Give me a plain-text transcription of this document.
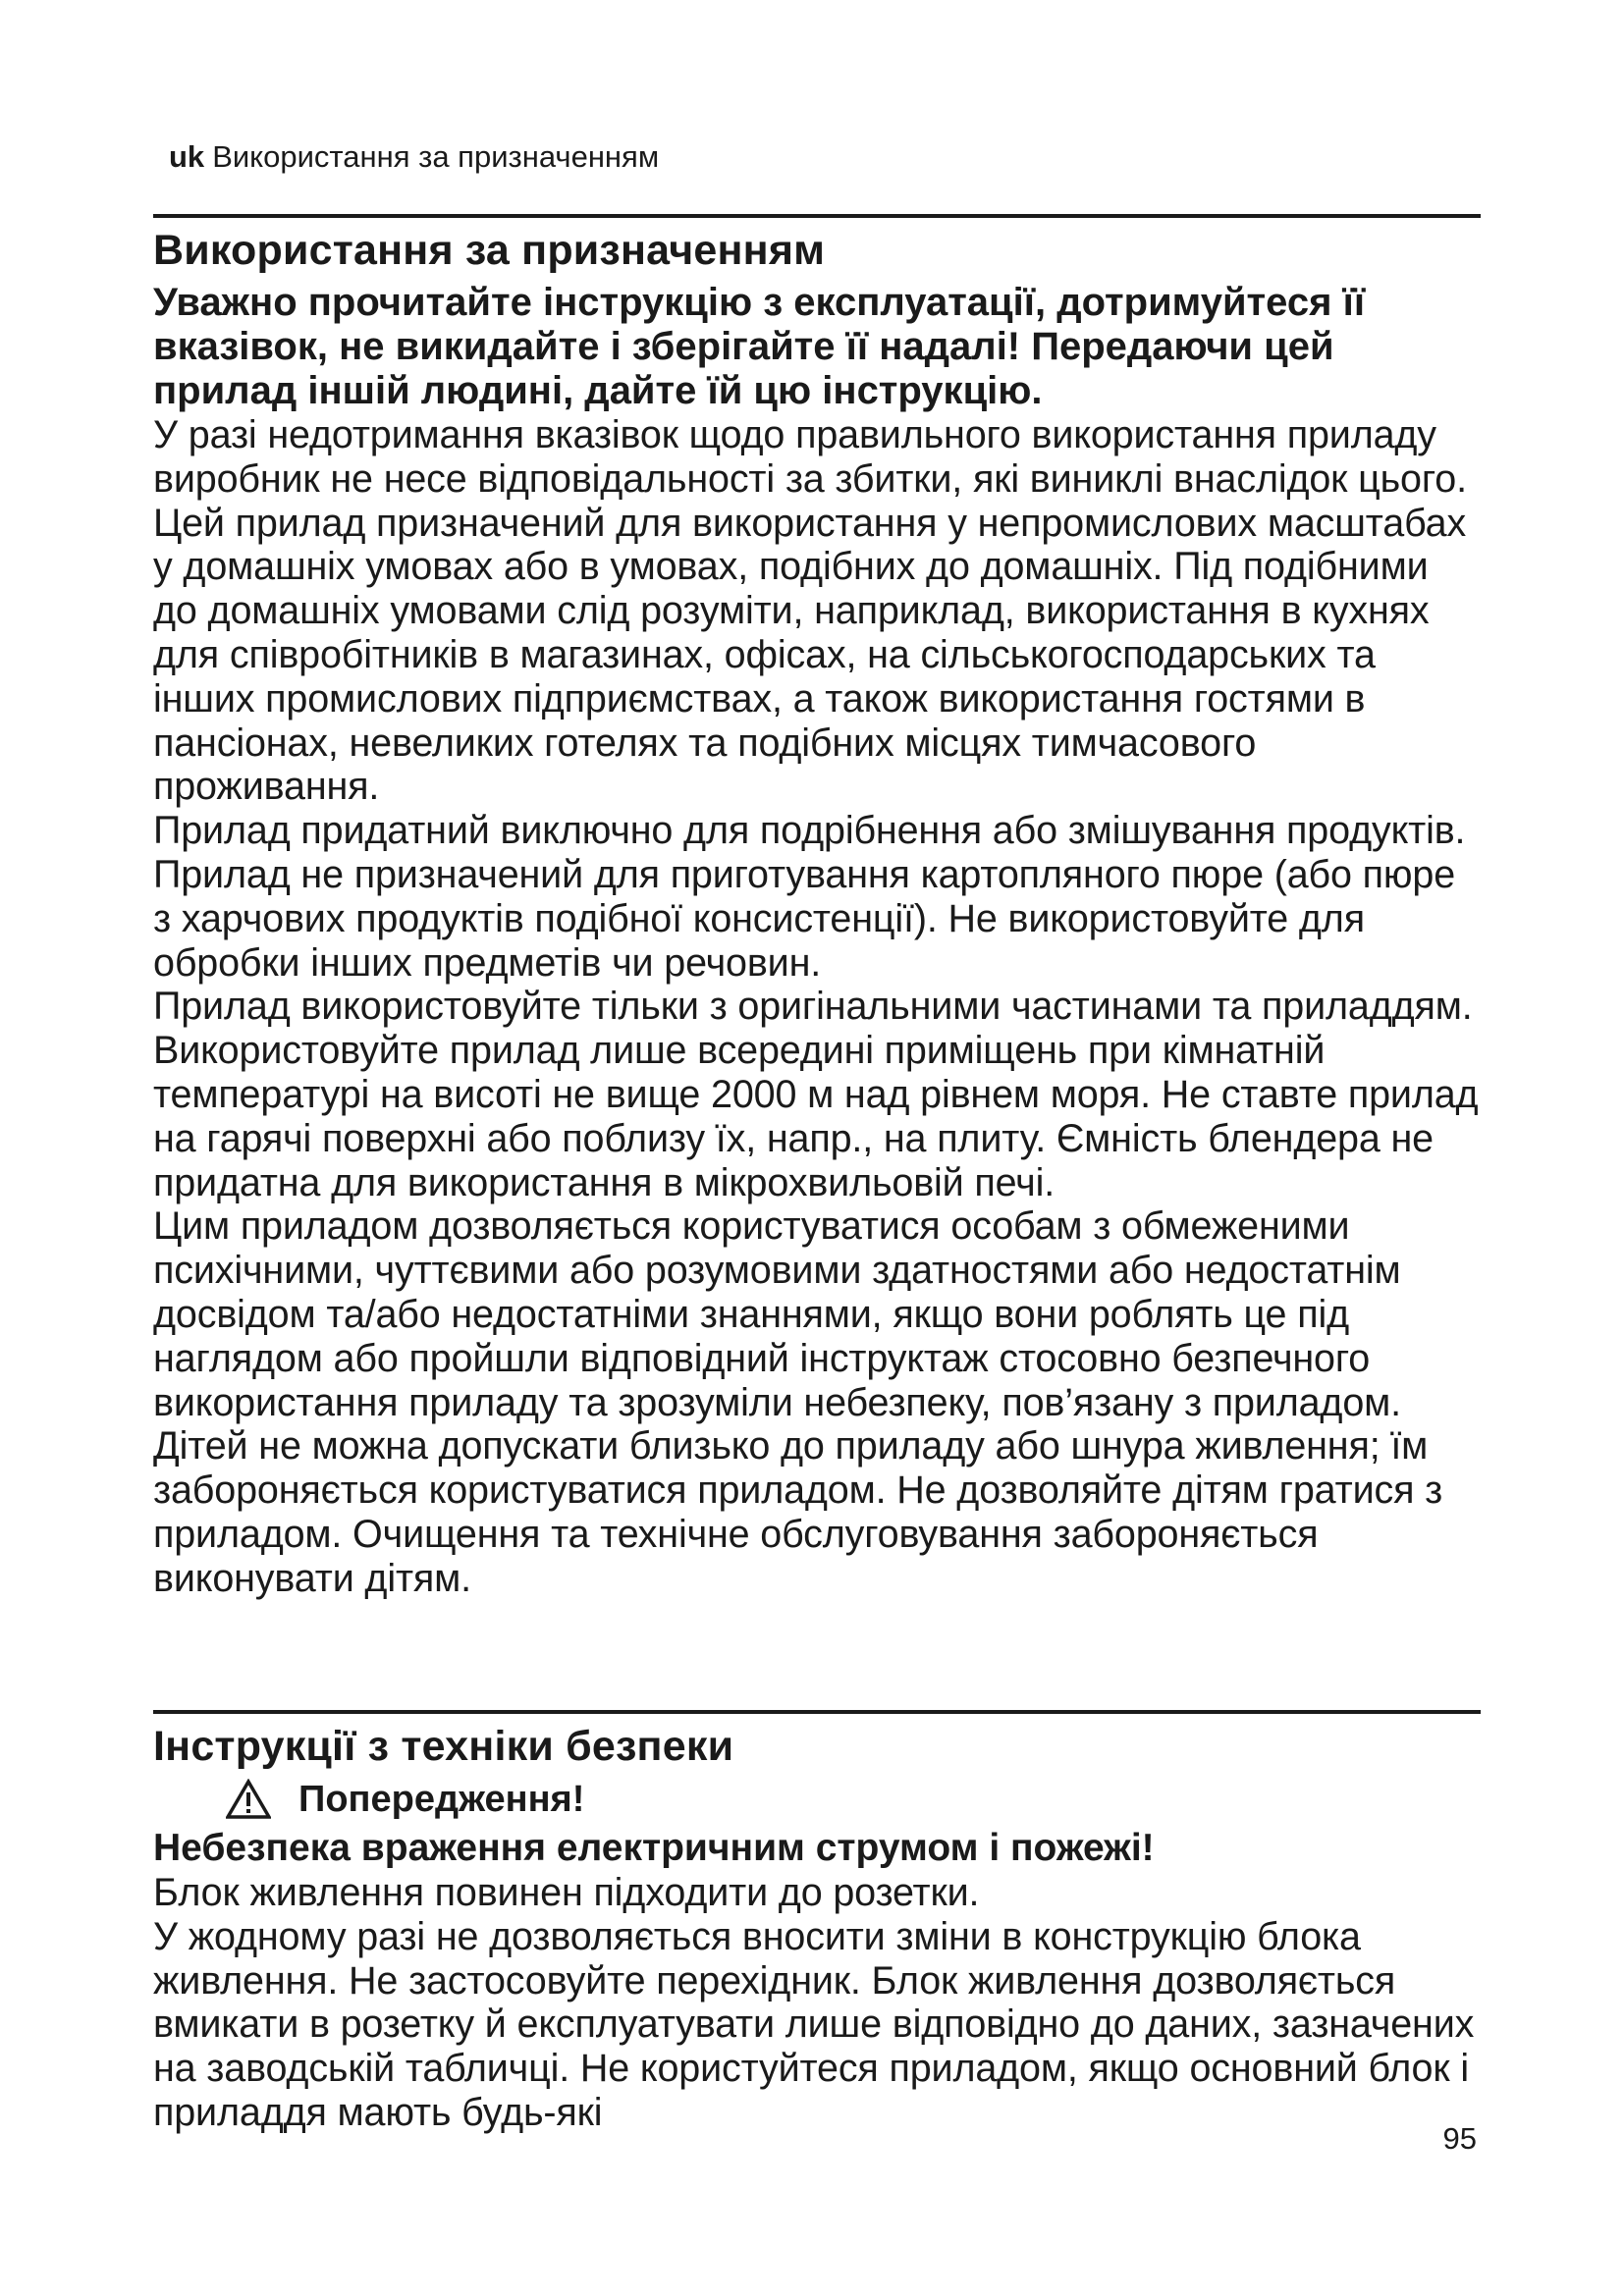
uk Використання за призначенням
Використання за призначенням

Уважно прочитайте інструкцію з експлуатації, дотримуйтеся її вказівок, не викидайте і зберігайте її надалі! Передаючи цей прилад іншій людині, дайте їй цю інструкцію.

У разі недотримання вказівок щодо правильного використання приладу виробник не несе відповідальності за збитки, які виниклі внаслідок цього.

Цей прилад призначений для використання у непромислових масштабах у домашніх умовах або в умовах, подібних до домашніх. Під подібними до домашніх умовами слід розуміти, наприклад, використання в кухнях для співробітників в магазинах, офісах, на сільськогосподарських та інших промислових підприємствах, а також використання гостями в пансіонах, невеликих готелях та подібних місцях тимчасового проживання.

Прилад придатний виключно для подрібнення або змішування продуктів. Прилад не призначений для приготування картопляного пюре (або пюре з харчових продуктів подібної консистенції). Не використовуйте для обробки інших предметів чи речовин.

Прилад використовуйте тільки з оригінальними частинами та приладдям.

Використовуйте прилад лише всередині приміщень при кімнатній температурі на висоті не вище 2000 м над рівнем моря. Не ставте прилад на гарячі поверхні або поблизу їх, напр., на плиту. Ємність блендера не придатна для використання в мікрохвильовій печі.

Цим приладом дозволяється користуватися особам з обмеженими психічними, чуттєвими або розумовими здатностями або недостатнім досвідом та/або недостатніми знаннями, якщо вони роблять це під наглядом або пройшли відповідний інструктаж стосовно безпечного використання приладу та зрозуміли небезпеку, пов’язану з приладом. Дітей не можна допускати близько до приладу або шнура живлення; їм забороняється користуватися приладом. Не дозволяйте дітям гратися з приладом. Очищення та технічне обслуговування забороняється виконувати дітям.

Інструкції з техніки безпеки
Попередження!

Небезпека враження електричним струмом і пожежі!

Блок живлення повинен підходити до розетки.

У жодному разі не дозволяється вносити зміни в конструкцію блока живлення. Не застосовуйте перехідник. Блок живлення дозволяється вмикати в розетку й експлуатувати лише відповідно до даних, зазначених на заводській табличці. Не користуйтеся приладом, якщо основний блок і приладдя мають будь-які

95
